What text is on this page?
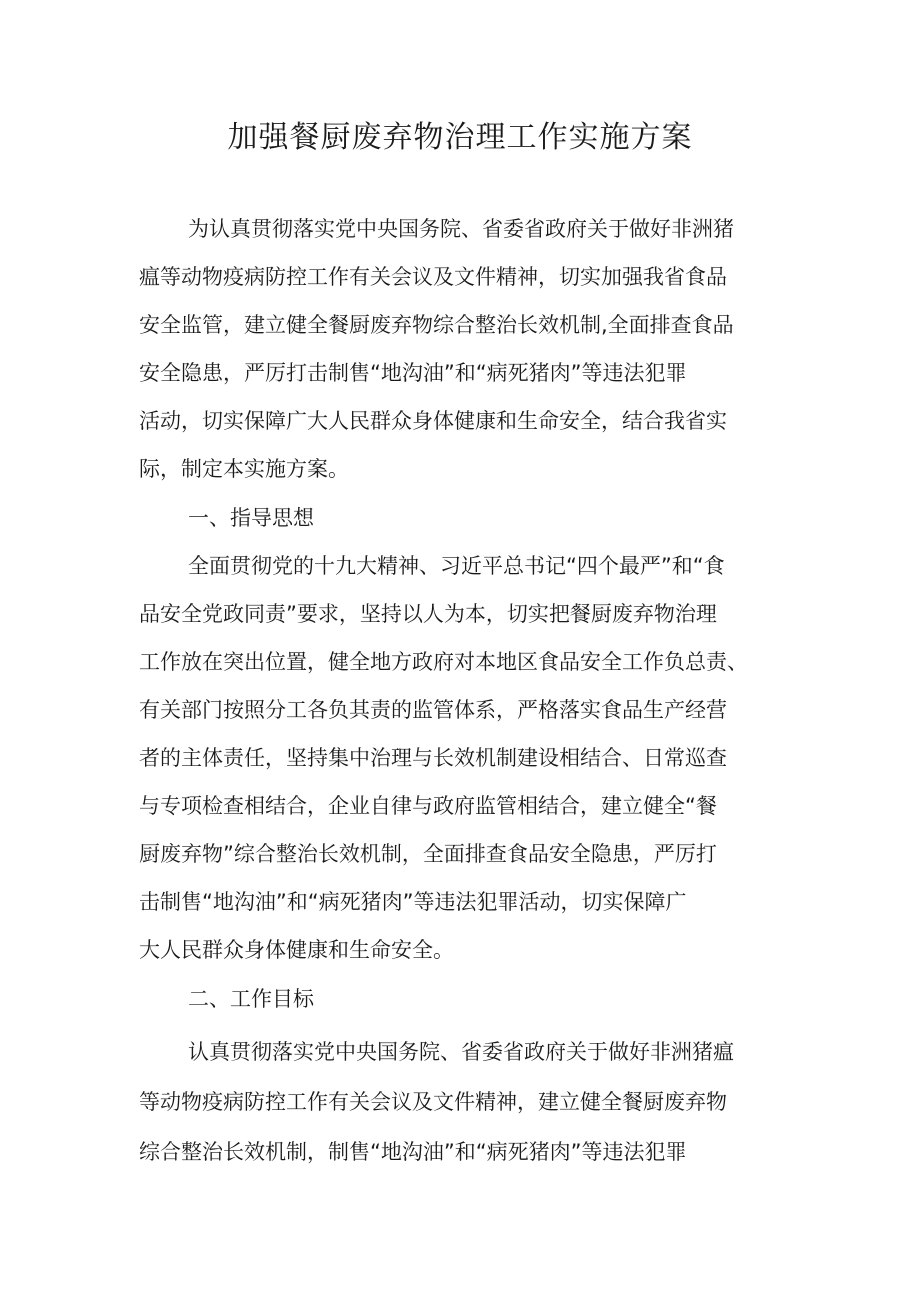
加强餐厨废弃物治理工作实施方案

为认真贯彻落实党中央国务院、省委省政府关于做好非洲猪

瘟等动物疫病防控工作有关会议及文件精神，切实加强我省食品

安全监管，建立健全餐厨废弃物综合整治长效机制,全面排查食品

安全隐患，严厉打击制售“地沟油”和“病死猪肉”等违法犯罪

活动，切实保障广大人民群众身体健康和生命安全，结合我省实

际，制定本实施方案。

一、指导思想

全面贯彻党的十九大精神、习近平总书记“四个最严”和“食

品安全党政同责”要求，坚持以人为本，切实把餐厨废弃物治理

工作放在突出位置，健全地方政府对本地区食品安全工作负总责、

有关部门按照分工各负其责的监管体系，严格落实食品生产经营

者的主体责任，坚持集中治理与长效机制建设相结合、日常巡查

与专项检查相结合，企业自律与政府监管相结合，建立健全“餐

厨废弃物”综合整治长效机制，全面排查食品安全隐患，严厉打

击制售“地沟油”和“病死猪肉”等违法犯罪活动，切实保障广

大人民群众身体健康和生命安全。

二、工作目标

认真贯彻落实党中央国务院、省委省政府关于做好非洲猪瘟

等动物疫病防控工作有关会议及文件精神，建立健全餐厨废弃物

综合整治长效机制，制售“地沟油”和“病死猪肉”等违法犯罪
